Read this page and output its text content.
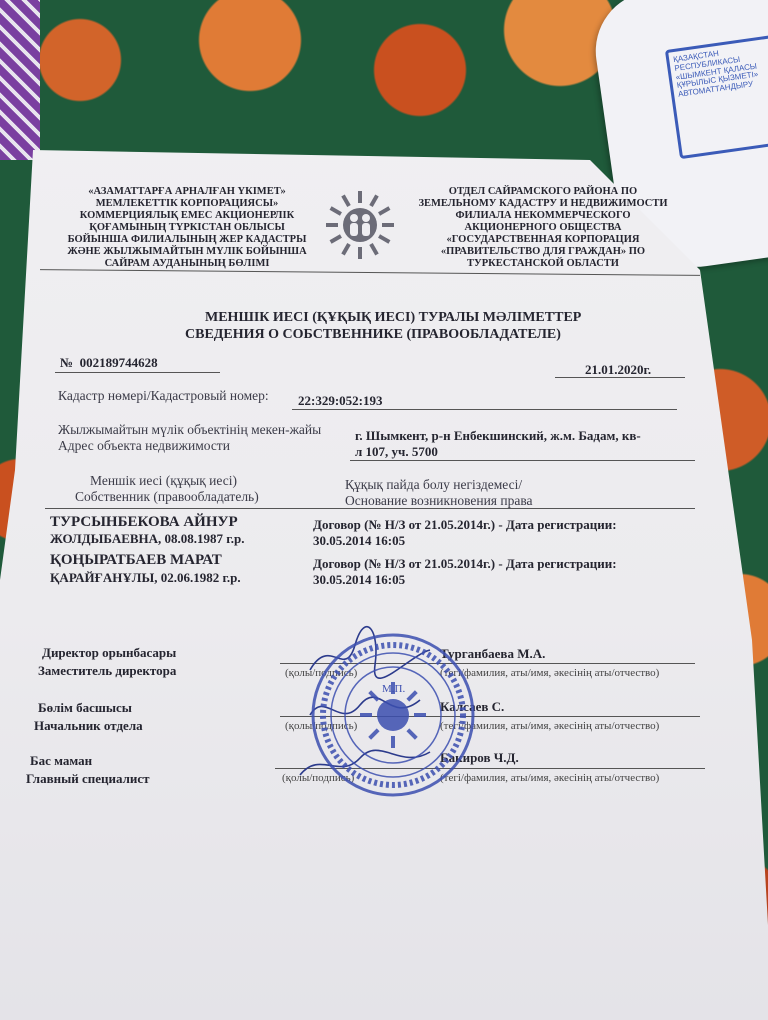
ҚАЗАҚСТАН РЕСПУБЛИКАСЫ «ШЫМКЕНТ ҚАЛАСЫ ҚҰРЫЛЫС ҚЫЗМЕТІ» АВТОМАТТАНДЫРУ
«АЗАМАТТАРҒА АРНАЛҒАН ҮКІМЕТ» МЕМЛЕКЕТТІК КОРПОРАЦИЯСЫ» КОММЕРЦИЯЛЫҚ ЕМЕС АКЦИОНЕРЛІК ҚОҒАМЫНЫҢ ТҮРКІСТАН ОБЛЫСЫ БОЙЫНША ФИЛИАЛЫНЫҢ ЖЕР КАДАСТРЫ ЖӘНЕ ЖЫЛЖЫМАЙТЫН МҮЛІК БОЙЫНША САЙРАМ АУДАНЫНЫҢ БӨЛІМІ
ОТДЕЛ САЙРАМСКОГО РАЙОНА ПО ЗЕМЕЛЬНОМУ КАДАСТРУ И НЕДВИЖИМОСТИ ФИЛИАЛА НЕКОММЕРЧЕСКОГО АКЦИОНЕРНОГО ОБЩЕСТВА «ГОСУДАРСТВЕННАЯ КОРПОРАЦИЯ «ПРАВИТЕЛЬСТВО ДЛЯ ГРАЖДАН» ПО ТУРКЕСТАНСКОЙ ОБЛАСТИ
МЕНШІК ИЕСІ (ҚҰҚЫҚ ИЕСІ) ТУРАЛЫ МӘЛІМЕТТЕР
СВЕДЕНИЯ О СОБСТВЕННИКЕ (ПРАВООБЛАДАТЕЛЕ)
№ 002189744628	21.01.2020г.
Кадастр нөмері/Кадастровый номер: 22:329:052:193
Жылжымайтын мүлік объектінің мекен-жайы
Адрес объекта недвижимости
г. Шымкент, р-н Енбекшинский, ж.м. Бадам, кв-
л 107, уч. 5700
Меншік иесі (құқық иесі)
Собственник (правообладатель)
Құқық пайда болу негіздемесі/
Основание возникновения права
ТУРСЫНБЕКОВА АЙНУР
ЖОЛДЫБАЕВНА, 08.08.1987 г.р.
Договор (№ Н/З от 21.05.2014г.) - Дата регистрации:
30.05.2014 16:05
ҚОҢЫРАТБАЕВ МАРАТ
ҚАРАЙҒАНҰЛЫ, 02.06.1982 г.р.
Договор (№ Н/З от 21.05.2014г.) - Дата регистрации:
30.05.2014 16:05
Директор орынбасары
Заместитель директора
Турганбаева М.А.
(қолы/подпись)	(тегі/фамилия, аты/имя, әкесінің аты/отчество)
Бөлім басшысы
Начальник отдела
Калсаев С.
(қолы/подпись)	(тегі/фамилия, аты/имя, әкесінің аты/отчество)
Бас маман
Главный специалист
Бакиров Ч.Д.
(қолы/подпись)	(тегі/фамилия, аты/имя, әкесінің аты/отчество)
М.П.
